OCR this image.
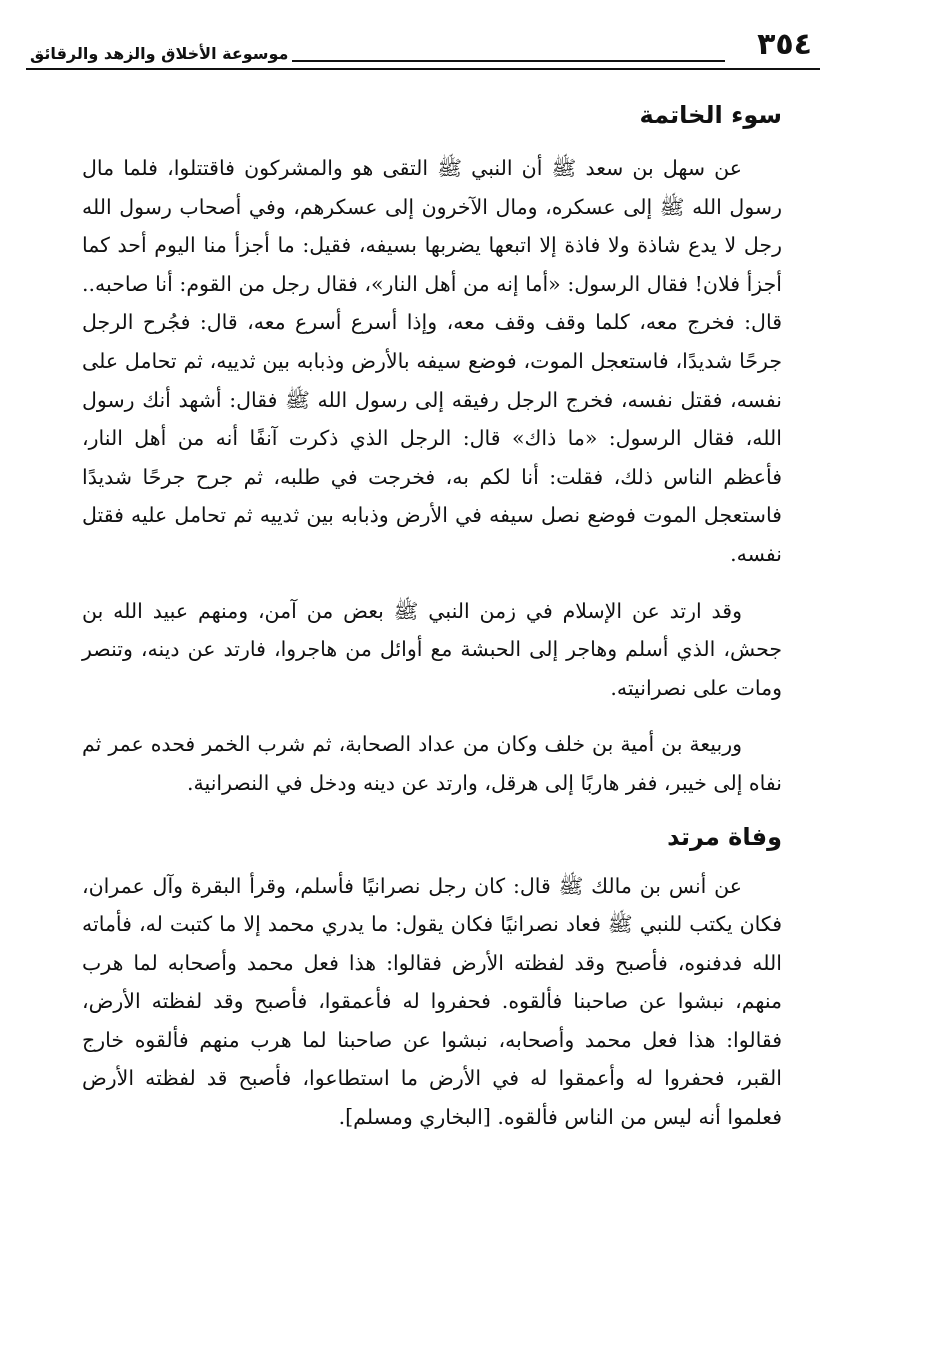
٣٥٤
موسوعة الأخلاق والزهد والرقائق
سوء الخاتمة

عن سهل بن سعد ﷺ أن النبي ﷺ التقى هو والمشركون فاقتتلوا، فلما مال رسول الله ﷺ إلى عسكره، ومال الآخرون إلى عسكرهم، وفي أصحاب رسول الله رجل لا يدع شاذة ولا فاذة إلا اتبعها يضربها بسيفه، فقيل: ما أجزأ منا اليوم أحد كما أجزأ فلان! فقال الرسول: «أما إنه من أهل النار»، فقال رجل من القوم: أنا صاحبه.. قال: فخرج معه، كلما وقف وقف معه، وإذا أسرع أسرع معه، قال: فجُرح الرجل جرحًا شديدًا، فاستعجل الموت، فوضع سيفه بالأرض وذبابه بين ثدييه، ثم تحامل على نفسه، فقتل نفسه، فخرج الرجل رفيقه إلى رسول الله ﷺ فقال: أشهد أنك رسول الله، فقال الرسول: «ما ذاك» قال: الرجل الذي ذكرت آنفًا أنه من أهل النار، فأعظم الناس ذلك، فقلت: أنا لكم به، فخرجت في طلبه، ثم جرح جرحًا شديدًا فاستعجل الموت فوضع نصل سيفه في الأرض وذبابه بين ثدييه ثم تحامل عليه فقتل نفسه.

وقد ارتد عن الإسلام في زمن النبي ﷺ بعض من آمن، ومنهم عبيد الله بن جحش، الذي أسلم وهاجر إلى الحبشة مع أوائل من هاجروا، فارتد عن دينه، وتنصر ومات على نصرانيته.

وربيعة بن أمية بن خلف وكان من عداد الصحابة، ثم شرب الخمر فحده عمر ثم نفاه إلى خيبر، ففر هاربًا إلى هرقل، وارتد عن دينه ودخل في النصرانية.

وفاة مرتد

عن أنس بن مالك ﷺ قال: كان رجل نصرانيًا فأسلم، وقرأ البقرة وآل عمران، فكان يكتب للنبي ﷺ فعاد نصرانيًا فكان يقول: ما يدري محمد إلا ما كتبت له، فأماته الله فدفنوه، فأصبح وقد لفظته الأرض فقالوا: هذا فعل محمد وأصحابه لما هرب منهم، نبشوا عن صاحبنا فألقوه. فحفروا له فأعمقوا، فأصبح وقد لفظته الأرض، فقالوا: هذا فعل محمد وأصحابه، نبشوا عن صاحبنا لما هرب منهم فألقوه خارج القبر، فحفروا له وأعمقوا له في الأرض ما استطاعوا، فأصبح قد لفظته الأرض فعلموا أنه ليس من الناس فألقوه. [البخاري ومسلم].
